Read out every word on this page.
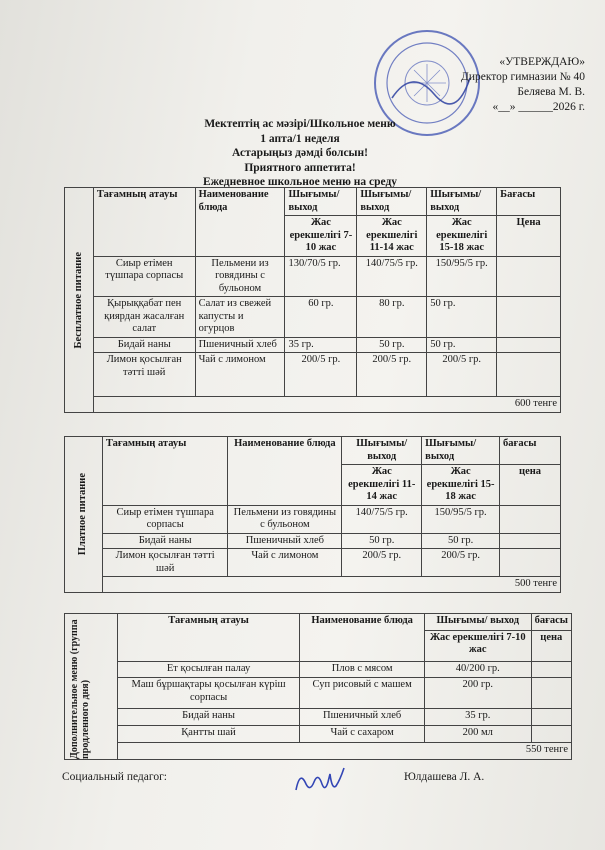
«УТВЕРЖДАЮ»
Директор гимназии № 40
Беляева М. В.
«__» ______2026 г.
Мектептің ас мәзірі/Школьное меню
1 апта/1 неделя
Астарыңыз дәмді болсын!
Приятного аппетита!
Ежедневное школьное меню на среду
Бесплатное питание	Тағамның атауы	Наименование блюда	Шығымы/ выход	Шығымы/ выход	Шығымы/ выход	Бағасы
			Жас ерекшелігі 7-10 жас	Жас ерекшелігі 11-14 жас	Жас ерекшелігі 15-18 жас	Цена
	Сиыр етімен түшпара сорпасы	Пельмени из говядины с бульоном	130/70/5 гр.	140/75/5 гр.	150/95/5 гр.	
	Қырыққабат пен қиярдан жасалған салат	Салат из свежей капусты и огурцов	60 гр.	80 гр.	50 гр.	
	Бидай наны	Пшеничный хлеб	35 гр.	50 гр.	50 гр.	
	Лимон қосылған тәтті шәй	Чай с лимоном	200/5 гр.	200/5 гр.	200/5 гр.	
	600 тенге					
Платное питание	Тағамның атауы	Наименование блюда	Шығымы/ выход	Шығымы/ выход	бағасы
			Жас ерекшелігі 11-14 жас	Жас ерекшелігі 15-18 жас	цена
	Сиыр етімен түшпара сорпасы	Пельмени из говядины с бульоном	140/75/5 гр.	150/95/5 гр.	
	Бидай наны	Пшеничный хлеб	50 гр.	50 гр.	
	Лимон қосылған тәтті шәй	Чай с лимоном	200/5 гр.	200/5 гр.	
	500 тенге				
Дополнительное меню (группа продленного дня)	Тағамның атауы	Наименование блюда	Шығымы/ выход	бағасы
			Жас ерекшелігі 7-10 жас	цена
	Ет қосылған палау	Плов с мясом	40/200 гр.	
	Маш бұршақтары қосылған күріш сорпасы	Суп рисовый с машем	200 гр.	
	Бидай наны	Пшеничный хлеб	35 гр.	
	Қантты шай	Чай с сахаром	200 мл	
	550 тенге			
Социальный педагог:	Юлдашева Л. А.
